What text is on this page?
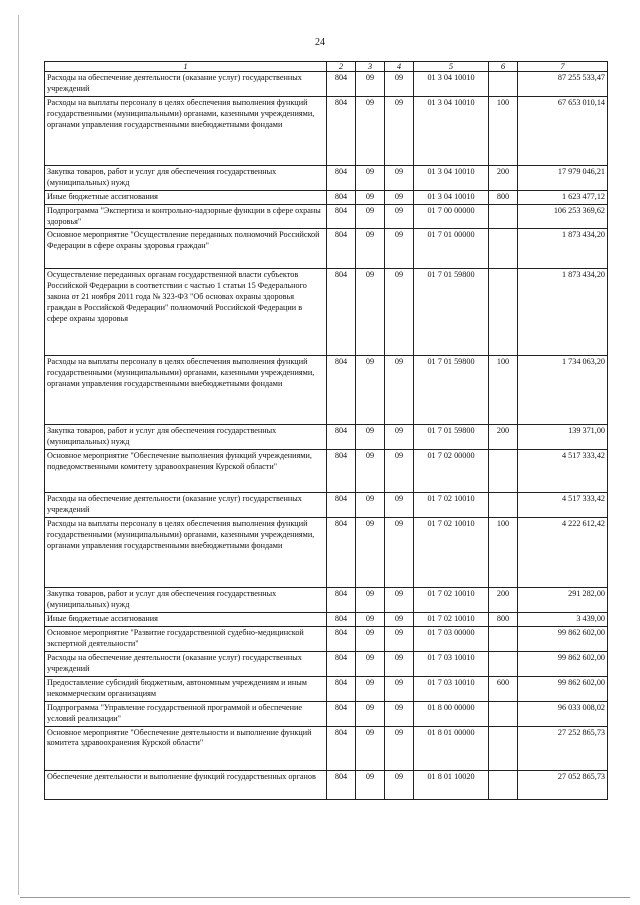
24
1	2	3	4	5	6	7
Расходы на обеспечение деятельности (оказание услуг) государственных учреждений	804	09	09	01 3 04 10010		87 255 533,47
Расходы на выплаты персоналу в целях обеспечения выполнения функций государственными (муниципальными) органами, казенными учреждениями, органами управления государственными внебюджетными фондами	804	09	09	01 3 04 10010	100	67 653 010,14
Закупка товаров, работ и услуг для обеспечения государственных (муниципальных) нужд	804	09	09	01 3 04 10010	200	17 979 046,21
Иные бюджетные ассигнования	804	09	09	01 3 04 10010	800	1 623 477,12
Подпрограмма "Экспертиза и контрольно-надзорные функции в сфере охраны здоровья"	804	09	09	01 7 00 00000		106 253 369,62
Основное мероприятие "Осуществление переданных полномочий Российской Федерации в сфере охраны здоровья граждан"	804	09	09	01 7 01 00000		1 873 434,20
Осуществление переданных органам государственной власти субъектов Российской Федерации в соответствии с частью 1 статьи 15 Федерального закона от 21 ноября 2011 года № 323-ФЗ "Об основах охраны здоровья граждан в Российской Федерации" полномочий Российской Федерации в сфере охраны здоровья	804	09	09	01 7 01 59800		1 873 434,20
Расходы на выплаты персоналу в целях обеспечения выполнения функций государственными (муниципальными) органами, казенными учреждениями, органами управления государственными внебюджетными фондами	804	09	09	01 7 01 59800	100	1 734 063,20
Закупка товаров, работ и услуг для обеспечения государственных (муниципальных) нужд	804	09	09	01 7 01 59800	200	139 371,00
Основное мероприятие "Обеспечение выполнения функций учреждениями, подведомственными комитету здравоохранения Курской области"	804	09	09	01 7 02 00000		4 517 333,42
Расходы на обеспечение деятельности (оказание услуг) государственных учреждений	804	09	09	01 7 02 10010		4 517 333,42
Расходы на выплаты персоналу в целях обеспечения выполнения функций государственными (муниципальными) органами, казенными учреждениями, органами управления государственными внебюджетными фондами	804	09	09	01 7 02 10010	100	4 222 612,42
Закупка товаров, работ и услуг для обеспечения государственных (муниципальных) нужд	804	09	09	01 7 02 10010	200	291 282,00
Иные бюджетные ассигнования	804	09	09	01 7 02 10010	800	3 439,00
Основное мероприятие "Развитие государственной судебно-медицинской экспертной деятельности"	804	09	09	01 7 03 00000		99 862 602,00
Расходы на обеспечение деятельности (оказание услуг) государственных учреждений	804	09	09	01 7 03 10010		99 862 602,00
Предоставление субсидий бюджетным, автономным учреждениям и иным некоммерческим организациям	804	09	09	01 7 03 10010	600	99 862 602,00
Подпрограмма "Управление государственной программой и обеспечение условий реализации"	804	09	09	01 8 00 00000		96 033 008,02
Основное мероприятие "Обеспечение деятельности и выполнение функций комитета здравоохранения Курской области"	804	09	09	01 8 01 00000		27 252 865,73
Обеспечение деятельности и выполнение функций государственных органов	804	09	09	01 8 01 10020		27 052 865,73
